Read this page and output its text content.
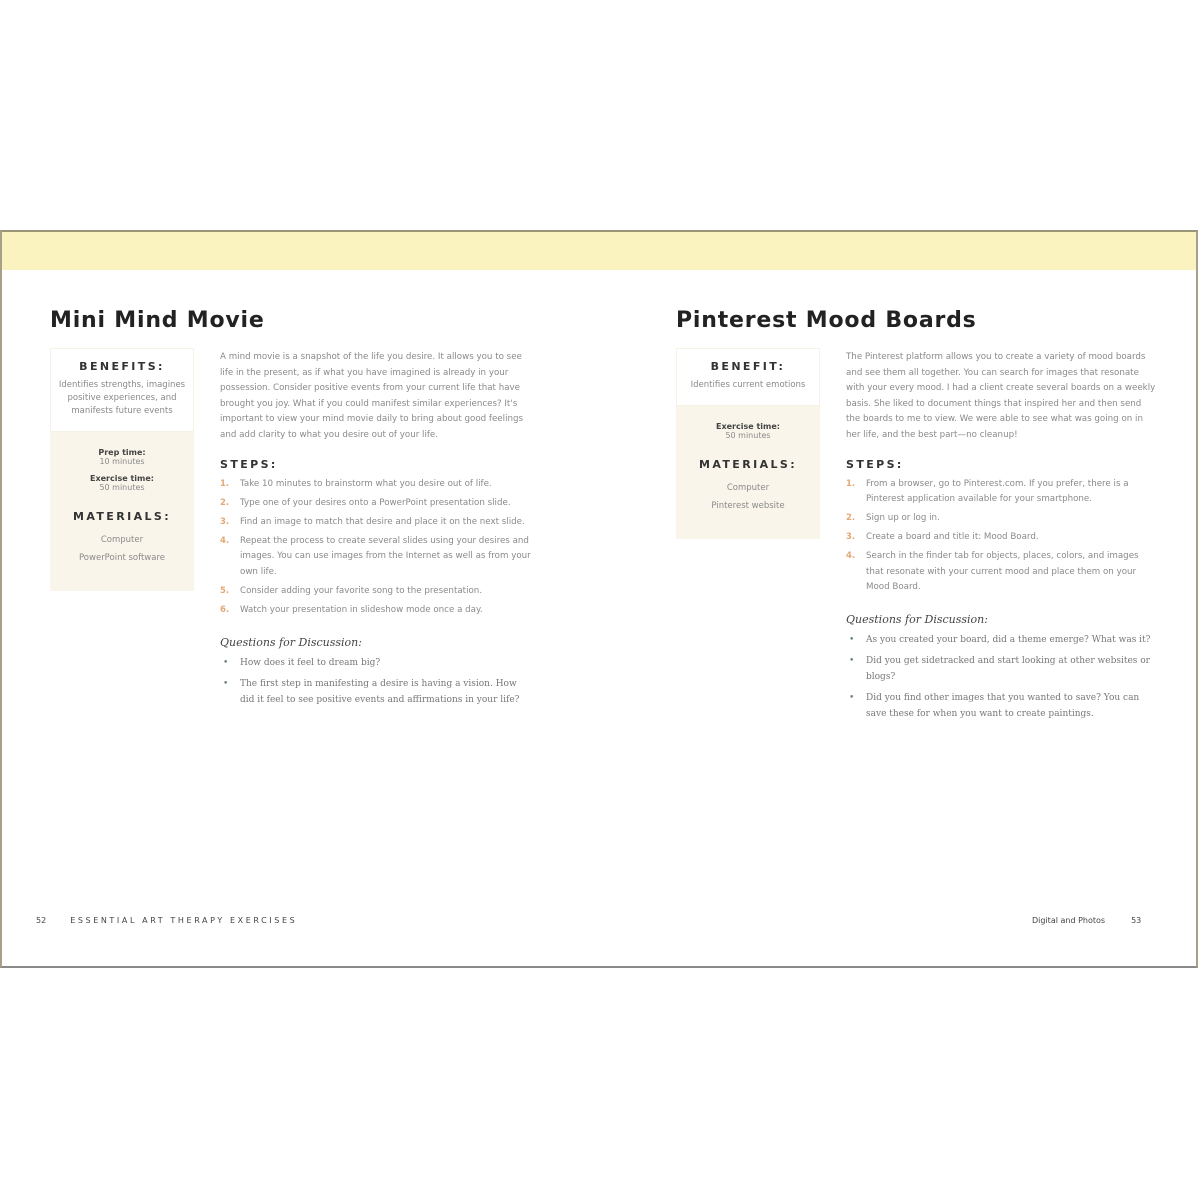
Mini Mind Movie
BENEFITS:
Identifies strengths, imagines positive experiences, and manifests future events
Prep time:
10 minutes
Exercise time:
50 minutes
MATERIALS:
Computer
PowerPoint software

A mind movie is a snapshot of the life you desire. It allows you to see life in the present, as if what you have imagined is already in your possession. Consider positive events from your current life that have brought you joy. What if you could manifest similar experiences? It's important to view your mind movie daily to bring about good feelings and add clarity to what you desire out of your life.

STEPS:
1. Take 10 minutes to brainstorm what you desire out of life.
2. Type one of your desires onto a PowerPoint presentation slide.
3. Find an image to match that desire and place it on the next slide.
4. Repeat the process to create several slides using your desires and images. You can use images from the Internet as well as from your own life.
5. Consider adding your favorite song to the presentation.
6. Watch your presentation in slideshow mode once a day.
Questions for Discussion:
• How does it feel to dream big?
• The first step in manifesting a desire is having a vision. How did it feel to see positive events and affirmations in your life?
Pinterest Mood Boards
BENEFIT:
Identifies current emotions
Exercise time:
50 minutes
MATERIALS:
Computer
Pinterest website

The Pinterest platform allows you to create a variety of mood boards and see them all together. You can search for images that resonate with your every mood. I had a client create several boards on a weekly basis. She liked to document things that inspired her and then send the boards to me to view. We were able to see what was going on in her life, and the best part—no cleanup!

STEPS:
1. From a browser, go to Pinterest.com. If you prefer, there is a Pinterest application available for your smartphone.
2. Sign up or log in.
3. Create a board and title it: Mood Board.
4. Search in the finder tab for objects, places, colors, and images that resonate with your current mood and place them on your Mood Board.
Questions for Discussion:
• As you created your board, did a theme emerge? What was it?
• Did you get sidetracked and start looking at other websites or blogs?
• Did you find other images that you wanted to save? You can save these for when you want to create paintings.
52	ESSENTIAL ART THERAPY EXERCISES	Digital and Photos	53
